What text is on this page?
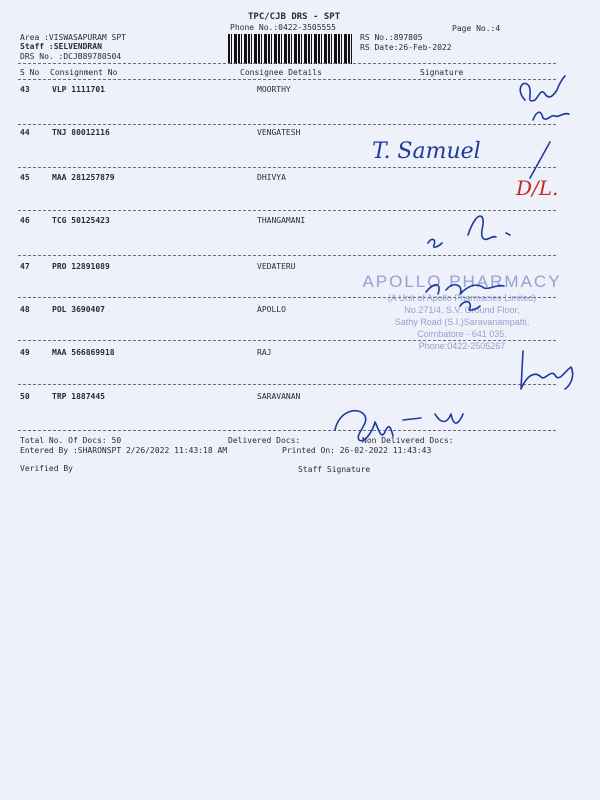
TPC/CJB DRS - SPT
Phone No.:0422-3505555	Page No.:4
Area :VISWASAPURAM SPT
Staff :SELVENDRAN
DRS No. :DCJB89780504
RS No.:897805
RS Date:26-Feb-2022
S No Consignment No	Consignee Details	Signature
43	VLP 1111701	MOORTHY
44	TNJ 80012116	VENGATESH
45	MAA 281257879	DHIVYA
46	TCG 50125423	THANGAMANI
47	PRO 12891089	VEDATERU
48	POL 3690407	APOLLO
49	MAA 566869918	RAJ
50	TRP 1887445	SARAVANAN
Total No. Of Docs: 50	Delivered Docs:	Non Delivered Docs:
Entered By :SHARONSPT 2/26/2022 11:43:18 AM	Printed On: 26-02-2022 11:43:43
Verified By	Staff Signature
APOLLO PHARMACY
(A Unit of Apollo Pharmacies Limited)
No.271/4, S.V. Ground Floor,
Sathy Road (S.I.)Saravanampatti,
Coimbatore - 641 035.
Phone:0422-2505267
T. Samuel
D/L.
